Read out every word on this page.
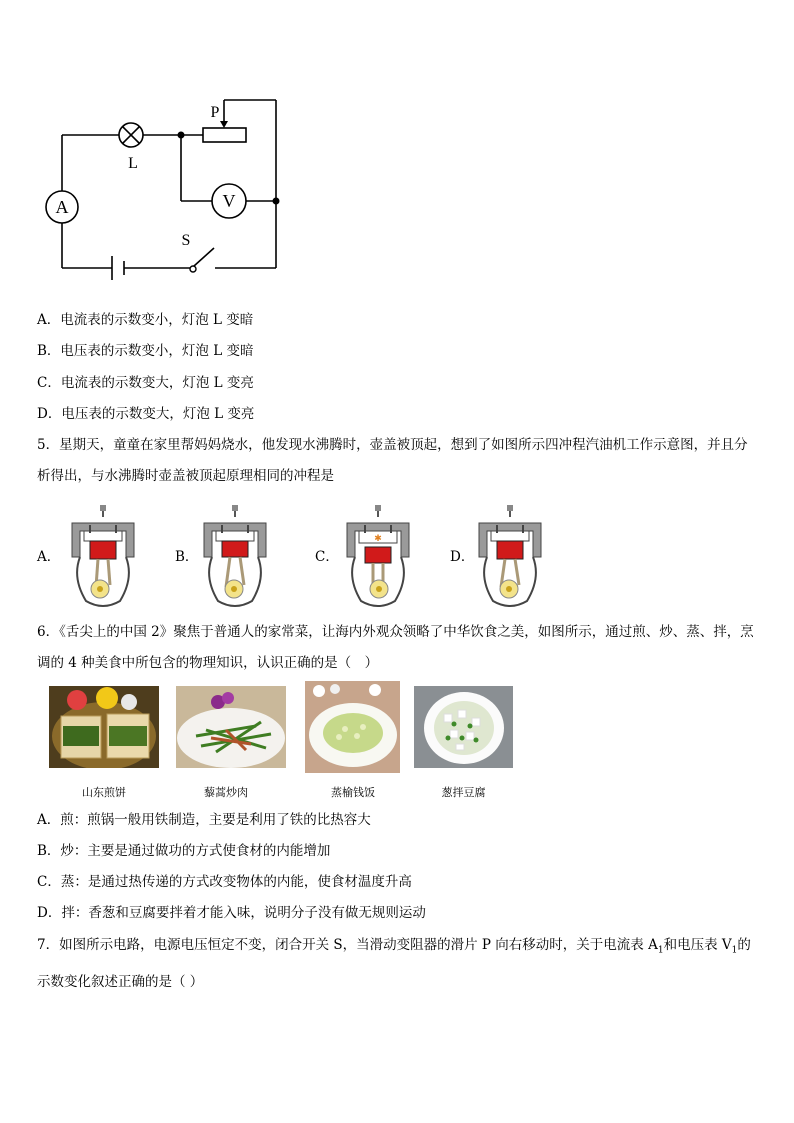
A	V
L
P
S
A．电流表的示数变小，灯泡 L 变暗
B．电压表的示数变小，灯泡 L 变暗
C．电流表的示数变大，灯泡 L 变亮
D．电压表的示数变大，灯泡 L 变亮
5．星期天，童童在家里帮妈妈烧水，他发现水沸腾时，壶盖被顶起，想到了如图所示四冲程汽油机工作示意图，并且分析得出，与水沸腾时壶盖被顶起原理相同的冲程是
A．	B．	C．	D．
✱
6．《舌尖上的中国 2》聚焦于普通人的家常菜，让海内外观众领略了中华饮食之美，如图所示，通过煎、炒、蒸、拌，烹调的 4 种美食中所包含的物理知识，认识正确的是（　）
山东煎饼	藜蒿炒肉	蒸榆钱饭	葱拌豆腐
A．煎：煎锅一般用铁制造，主要是利用了铁的比热容大
B．炒：主要是通过做功的方式使食材的内能增加
C．蒸：是通过热传递的方式改变物体的内能，使食材温度升高
D．拌：香葱和豆腐要拌着才能入味，说明分子没有做无规则运动
7．如图所示电路，电源电压恒定不变，闭合开关 S，当滑动变阻器的滑片 P 向右移动时，关于电流表 $A_1$和电压表 $V_1$的示数变化叙述正确的是（ ）
